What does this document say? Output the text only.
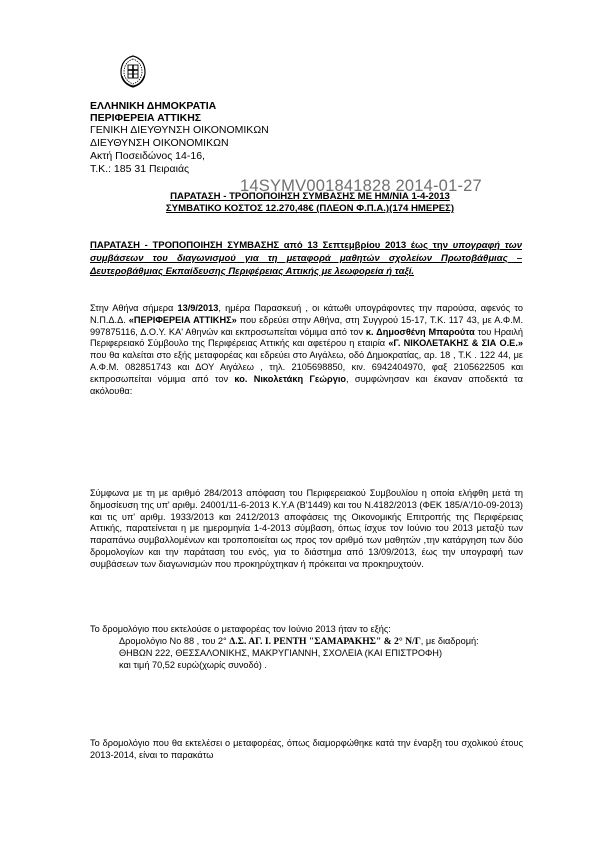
ΕΛΛΗΝΙΚΗ ΔΗΜΟΚΡΑΤΙΑ
ΠΕΡΙΦΕΡΕΙΑ ΑΤΤΙΚΗΣ
ΓΕΝΙΚΗ ΔΙΕΥΘΥΝΣΗ ΟΙΚΟΝΟΜΙΚΩΝ
ΔΙΕΥΘΥΝΣΗ ΟΙΚΟΝΟΜΙΚΩΝ
Ακτή Ποσειδώνος 14-16,
Τ.Κ.: 185 31 Πειραιάς
14SYMV001841828 2014-01-27
ΠΑΡΑΤΑΣΗ - ΤΡΟΠΟΠΟΙΗΣΗ ΣΥΜΒΑΣΗΣ ΜΕ ΗΜ/ΝΙΑ 1-4-2013
ΣΥΜΒΑΤΙΚΟ ΚΟΣΤΟΣ 12.270,48€ (ΠΛΕΟΝ Φ.Π.Α.)(174 ΗΜΕΡΕΣ)
ΠΑΡΑΤΑΣΗ - ΤΡΟΠΟΠΟΙΗΣΗ ΣΥΜΒΑΣΗΣ από 13 Σεπτεμβρίου 2013 έως την υπογραφή των συμβάσεων του διαγωνισμού για τη μεταφορά μαθητών σχολείων Πρωτοβάθμιας – Δευτεροβάθμιας Εκπαίδευσης Περιφέρειας Αττικής με λεωφορεία ή ταξί.
Στην Αθήνα σήμερα 13/9/2013, ημέρα Παρασκευή , οι κάτωθι υπογράφοντες την παρούσα, αφενός το Ν.Π.Δ.Δ. «ΠΕΡΙΦΕΡΕΙΑ ΑΤΤΙΚΗΣ» που εδρεύει στην Αθήνα, στη Συγγρού 15-17, Τ.Κ. 117 43, με Α.Φ.Μ. 997875116, Δ.Ο.Υ. ΚΑ' Αθηνών και εκπροσωπείται νόμιμα από τον κ. Δημοσθένη Μπαρούτα του Ηραιλή Περιφερειακό Σύμβουλο της Περιφέρειας Αττικής και αφετέρου η εταιρία «Γ. ΝΙΚΟΛΕΤΑΚΗΣ & ΣΙΑ Ο.Ε.» που θα καλείται στο εξής μεταφορέας και εδρεύει στο Αιγάλεω, οδό Δημοκρατίας, αρ. 18 , Τ.Κ . 122 44, με Α.Φ.Μ. 082851743 και ΔΟΥ Αιγάλεω , τηλ. 2105698850, κιν. 6942404970, φαξ 2105622505 και εκπροσωπείται νόμιμα από τον κο. Νικολετάκη Γεώργιο, συμφώνησαν και έκαναν αποδεκτά τα ακόλουθα:
Σύμφωνα με τη με αριθμό 284/2013 απόφαση του Περιφερειακού Συμβουλίου η οποία ελήφθη μετά τη δημοσίευση της υπ' αριθμ. 24001/11-6-2013 Κ.Υ.Α (Β'1449) και του Ν.4182/2013 (ΦΕΚ 185/Α'/10-09-2013) και τις υπ' αριθμ. 1933/2013 και 2412/2013 αποφάσεις της Οικονομικής Επιτροπής της Περιφέρειας Αττικής, παρατείνεται η με ημερομηνία 1-4-2013 σύμβαση, όπως ίσχυε τον Ιούνιο του 2013 μεταξύ των παραπάνω συμβαλλομένων και τροποποιείται ως προς τον αριθμό των μαθητών ,την κατάργηση των δύο δρομολογίων και την παράταση του ενός, για το διάστημα από 13/09/2013, έως την υπογραφή των συμβάσεων των διαγωνισμών που προκηρύχτηκαν ή πρόκειται να προκηρυχτούν.
Το δρομολόγιο που εκτελούσε ο μεταφορέας τον Ιούνιο 2013 ήταν το εξής:
Δρομολόγιο Νο 88 , του 2° Δ.Σ. ΑΓ. Ι. ΡΕΝΤΗ "ΣΑΜΑΡΑΚΗΣ" & 2° Ν/Γ, με διαδρομή:
ΘΗΒΩΝ 222, ΘΕΣΣΑΛΟΝΙΚΗΣ, ΜΑΚΡΥΓΙΑΝΝΗ, ΣΧΟΛΕΙΑ (ΚΑΙ ΕΠΙΣΤΡΟΦΗ)
και τιμή 70,52 ευρώ(χωρίς συνοδό) .
Το δρομολόγιο που θα εκτελέσει ο μεταφορέας, όπως διαμορφώθηκε κατά την έναρξη του σχολικού έτους 2013-2014, είναι το παρακάτω
